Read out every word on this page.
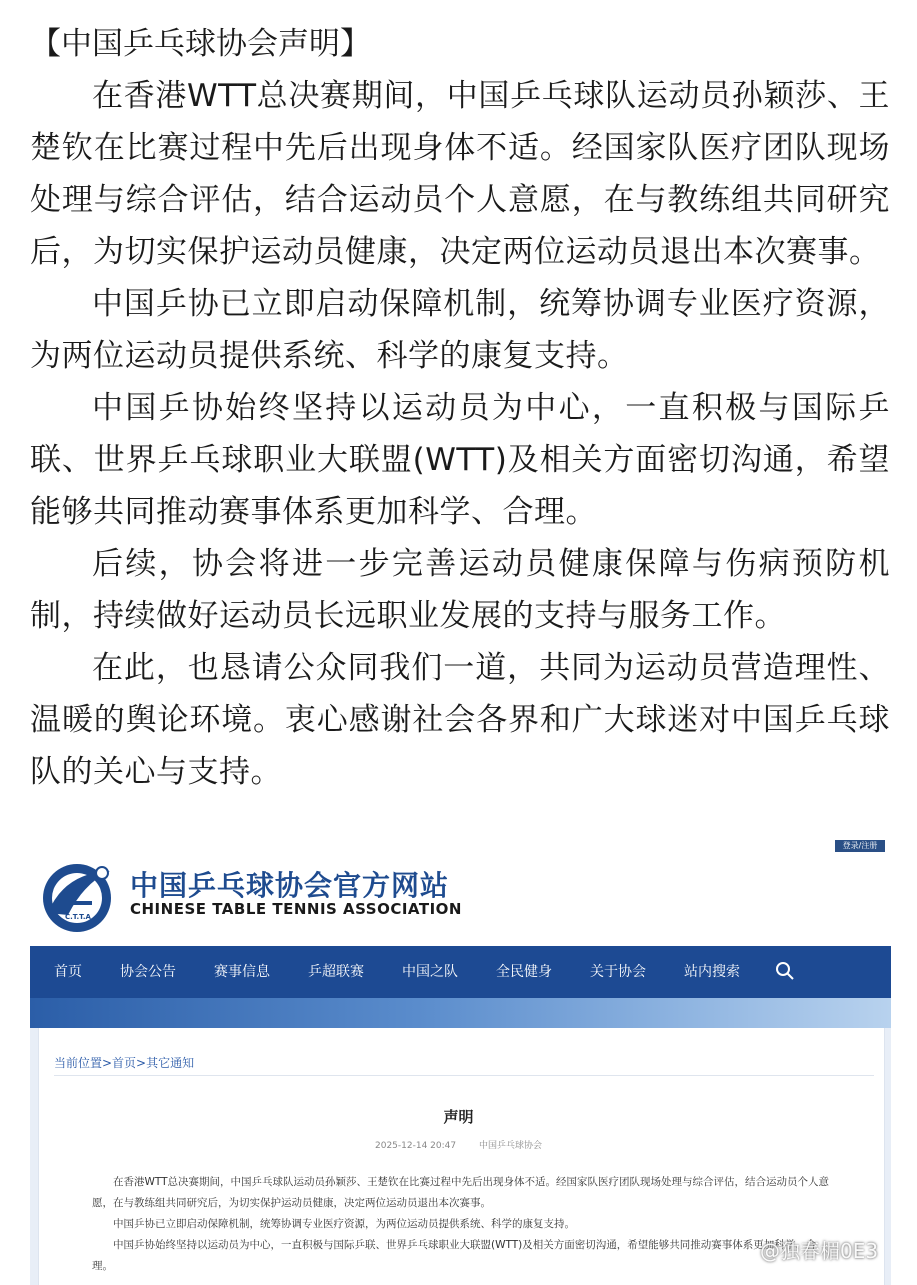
【中国乒乓球协会声明】

在香港WTT总决赛期间，中国乒乓球队运动员孙颖莎、王楚钦在比赛过程中先后出现身体不适。经国家队医疗团队现场处理与综合评估，结合运动员个人意愿，在与教练组共同研究后，为切实保护运动员健康，决定两位运动员退出本次赛事。

中国乒协已立即启动保障机制，统筹协调专业医疗资源，为两位运动员提供系统、科学的康复支持。

中国乒协始终坚持以运动员为中心，一直积极与国际乒联、世界乒乓球职业大联盟(WTT)及相关方面密切沟通，希望能够共同推动赛事体系更加科学、合理。

后续，协会将进一步完善运动员健康保障与伤病预防机制，持续做好运动员长远职业发展的支持与服务工作。

在此，也恳请公众同我们一道，共同为运动员营造理性、温暖的舆论环境。衷心感谢社会各界和广大球迷对中国乒乓球队的关心与支持。

登录/注册
C.T.T.A
中国乒乓球协会官方网站
CHINESE TABLE TENNIS ASSOCIATION
首页	协会公告	赛事信息	乒超联赛	中国之队	全民健身	关于协会	站内搜索
当前位置>首页>其它通知
声明
2025-12-14 20:47	中国乒乓球协会

在香港WTT总决赛期间，中国乒乓球队运动员孙颖莎、王楚钦在比赛过程中先后出现身体不适。经国家队医疗团队现场处理与综合评估，结合运动员个人意愿，在与教练组共同研究后，为切实保护运动员健康，决定两位运动员退出本次赛事。

中国乒协已立即启动保障机制，统筹协调专业医疗资源，为两位运动员提供系统、科学的康复支持。

中国乒协始终坚持以运动员为中心，一直积极与国际乒联、世界乒乓球职业大联盟(WTT)及相关方面密切沟通，希望能够共同推动赛事体系更加科学、合理。

@独春楣0E3
